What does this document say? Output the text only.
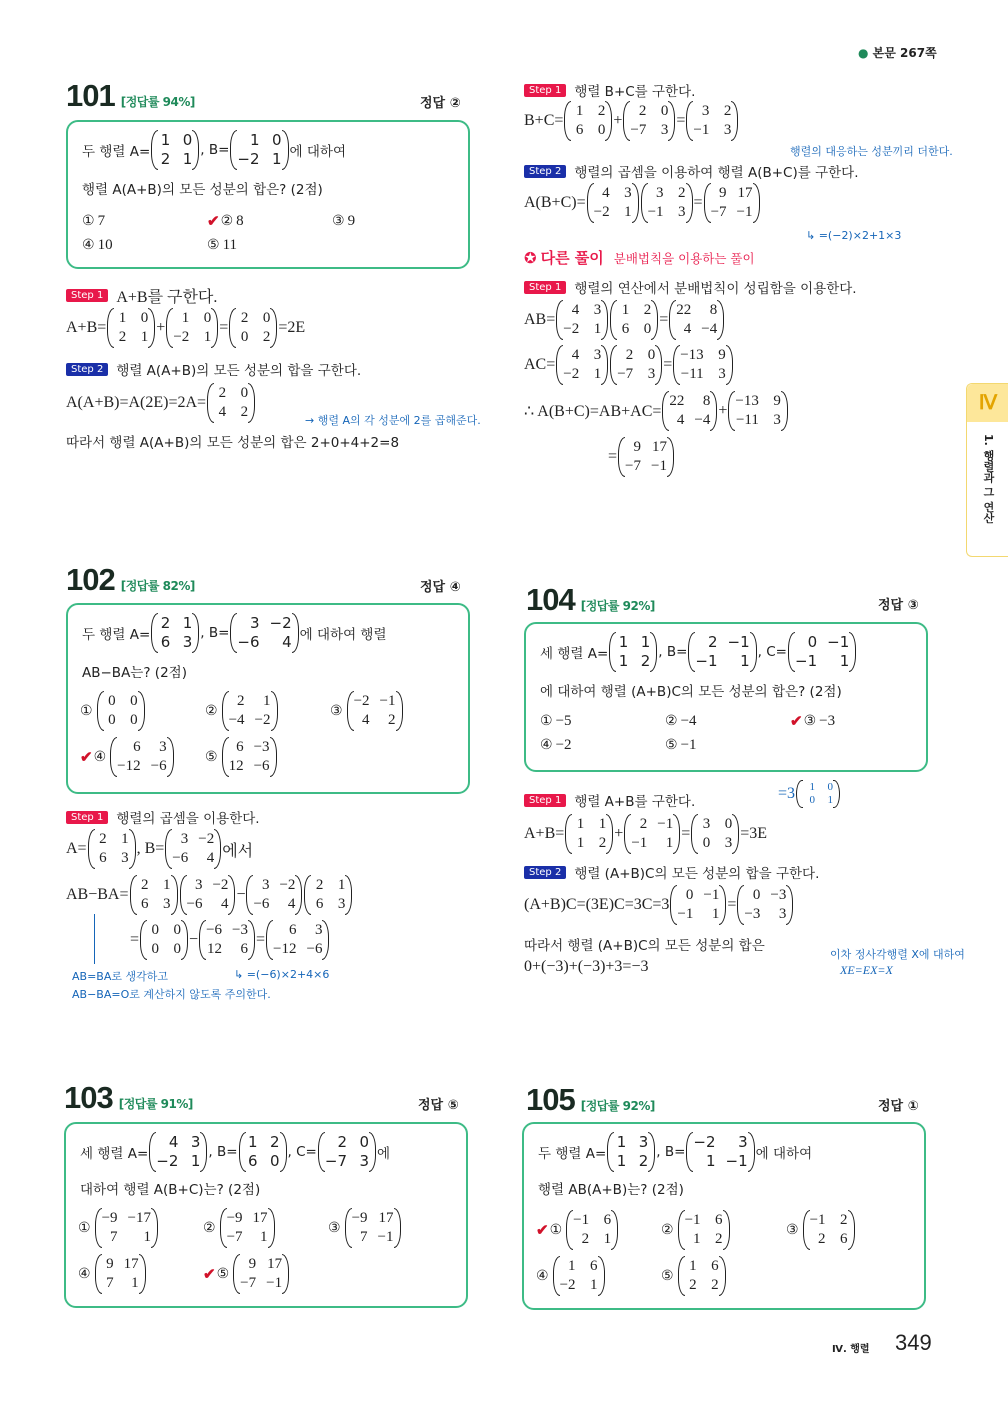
● 본문 267쪽
101 [정답률 94%]	정답 ②
두 행렬 A=
1 0
2 1 , B=
1 0
−2 1 에 대하여
행렬 A(A+B)의 모든 성분의 합은? (2점)
① 7	✔ ② 8	③ 9
④ 10	⑤ 11
Step 1 A+B를 구한다.
A+B=
1 0
2 1
+
1 0
−2 1
=
2 0
0 2
=2E
Step 2 행렬 A(A+B)의 모든 성분의 합을 구한다.
A(A+B)=A(2E)=2A=
2 0
4 2
→ 행렬 A의 각 성분에 2를 곱해준다.
따라서 행렬 A(A+B)의 모든 성분의 합은 2+0+4+2=8
102 [정답률 82%]	정답 ④
두 행렬 A=
2 1
6 3 , B=
3 −2
−6	4 에 대하여 행렬
AB−BA는? (2점)
①
0 0
0 0
②
2	1
−4 −2
③
−2 −1
4	2
✔ ④
6	3
−12 −6
⑤
6 −3
12 −6
Step 1 행렬의 곱셈을 이용한다.
A=
2 1
6 3
, B=
3 −2
−6	4 에서
AB−BA=
2 1
6 3
3 −2
−6	4
−
3 −2
−6	4
2 1
6 3
=
0 0
0 0
−
−6 −3
12	6
=
6	3
−12 −6
AB=BA로 생각하고
AB−BA=O로 계산하지 않도록 주의한다.
↳ =(−6)×2+4×6
103 [정답률 91%]	정답 ⑤
세 행렬 A=
4 3
−2 1 , B=
1 2
6 0 , C=
2 0
−7 3 에
대하여 행렬 A(B+C)는? (2점)
①
−9 −17
7	1
②
−9 17
−7	1
③
−9 17
7 −1
④
9 17
7	1
✔ ⑤
9 17
−7 −1
Step 1 행렬 B+C를 구한다.
B+C=
1 2
6 0
+
2 0
−7 3
=
3 2
−1 3
행렬의 대응하는 성분끼리 더한다.
Step 2 행렬의 곱셈을 이용하여 행렬 A(B+C)를 구한다.
A(B+C)=
4 3
−2 1
3 2
−1 3
=
9 17
−7 −1
↳ =(−2)×2+1×3
✪ 다른 풀이 분배법칙을 이용하는 풀이
Step 1 행렬의 연산에서 분배법칙이 성립함을 이용한다.
AB=
4 3
−2 1
1 2
6 0
=
22	8
4 −4
AC=
4 3
−2 1
2 0
−7 3
=
−13 9
−11 3
∴ A(B+C)=AB+AC=
22	8
4 −4
+
−13 9
−11 3
=
9 17
−7 −1
104 [정답률 92%]	정답 ③
세 행렬 A=
1 1
1 2 , B=
2 −1
−1	1 , C=
0 −1
−1	1
에 대하여 행렬 (A+B)C의 모든 성분의 합은? (2점)
① −5	② −4	✔ ③ −3
④ −2	⑤ −1
Step 1 행렬 A+B를 구한다.	=3	1	0
0	1
A+B=
1 1
1 2
+
2 −1
−1	1
=
3 0
0 3
=3E
Step 2 행렬 (A+B)C의 모든 성분의 합을 구한다.
(A+B)C=(3E)C=3C=3
0 −1
−1	1
=
0 −3
−3	3
따라서 행렬 (A+B)C의 모든 성분의 합은
0+(−3)+(−3)+3=−3
이차 정사각행렬 X에 대하여
XE=EX=X
105 [정답률 92%]	정답 ①
두 행렬 A=
1 3
1 2 , B=
−2	3
1 −1 에 대하여
행렬 AB(A+B)는? (2점)
✔ ①
−1 6
2 1
②
−1 6
1 2
③
−1 2
2 6
④
1 6
−2 1
⑤
1 6
2 2
Ⅳ
1. 행렬과 그 연산
Ⅳ. 행렬 349
